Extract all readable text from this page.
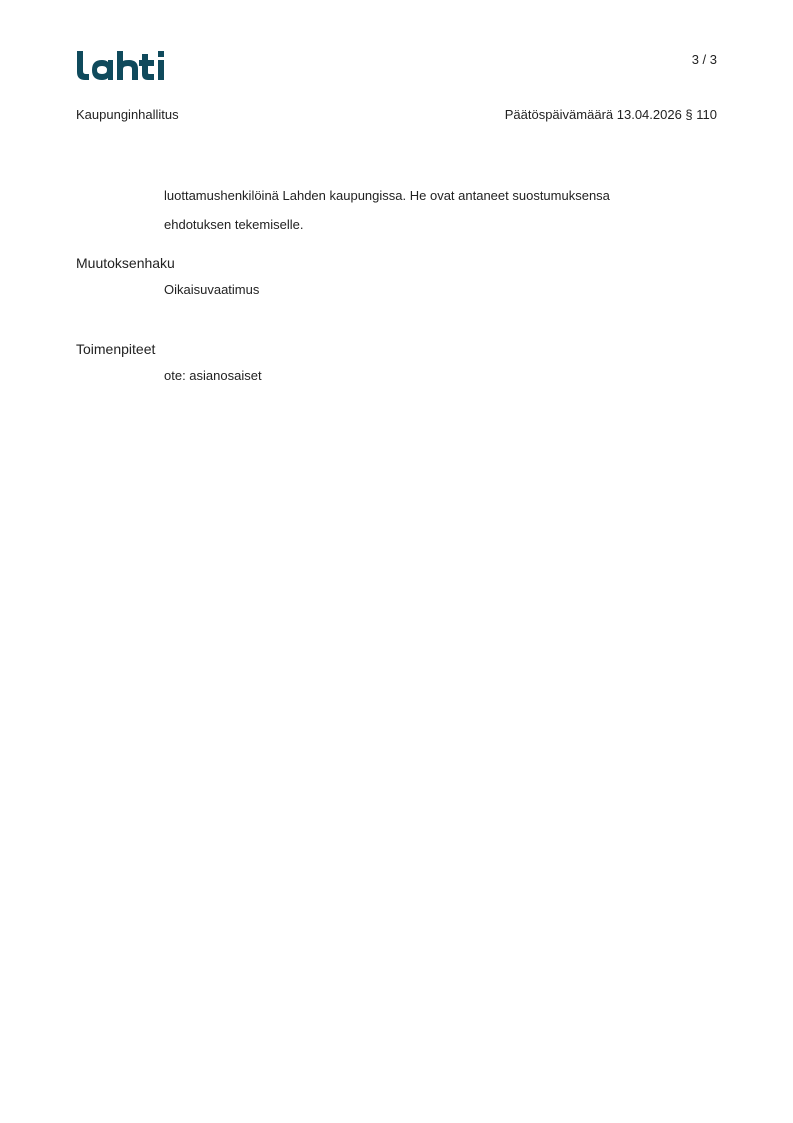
3 / 3
Kaupunginhallitus	Päätöspäivämäärä 13.04.2026 § 110

luottamushenkilöinä Lahden kaupungissa. He ovat antaneet suostumuksensa

ehdotuksen tekemiselle.

Muutoksenhaku
Oikaisuvaatimus
Toimenpiteet
ote: asianosaiset
